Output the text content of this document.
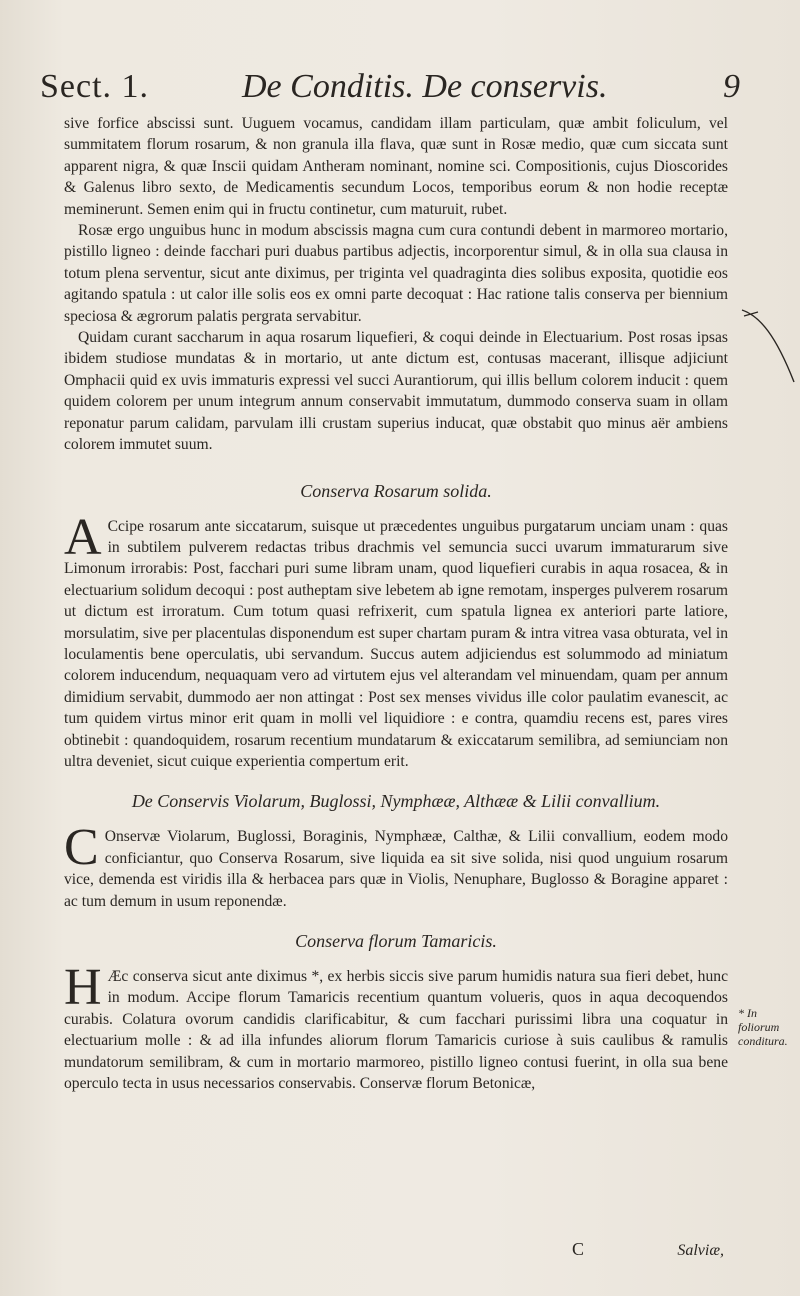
Sect. 1.	De Conditis. De conservis.	9

sive forfice abscissi sunt. Uuguem vocamus, candidam illam particulam, quæ ambit foliculum, vel summitatem florum rosarum, & non granula illa flava, quæ sunt in Rosæ medio, quæ cum siccata sunt apparent nigra, & quæ Inscii quidam Antheram nominant, nomine sci. Compositionis, cujus Dioscorides & Galenus libro sexto, de Medicamentis secundum Locos, temporibus eorum & non hodie receptæ meminerunt. Semen enim qui in fructu continetur, cum maturuit, rubet.

Rosæ ergo unguibus hunc in modum abscissis magna cum cura contundi debent in marmoreo mortario, pistillo ligneo : deinde facchari puri duabus partibus adjectis, incorporentur simul, & in olla sua clausa in totum plena serventur, sicut ante diximus, per triginta vel quadraginta dies solibus exposita, quotidie eos agitando spatula : ut calor ille solis eos ex omni parte decoquat : Hac ratione talis conserva per biennium speciosa & ægrorum palatis pergrata servabitur.

Quidam curant saccharum in aqua rosarum liquefieri, & coqui deinde in Electuarium. Post rosas ipsas ibidem studiose mundatas & in mortario, ut ante dictum est, contusas macerant, illisque adjiciunt Omphacii quid ex uvis immaturis expressi vel succi Aurantiorum, qui illis bellum colorem inducit : quem quidem colorem per unum integrum annum conservabit immutatum, dummodo conserva suam in ollam reponatur parum calidam, parvulam illi crustam superius inducat, quæ obstabit quo minus aër ambiens colorem immutet suum.

Conserva Rosarum solida.

A Ccipe rosarum ante siccatarum, suisque ut præcedentes unguibus purgatarum unciam unam : quas in subtilem pulverem redactas tribus drachmis vel semuncia succi uvarum immaturarum sive Limonum irrorabis: Post, facchari puri sume libram unam, quod liquefieri curabis in aqua rosacea, & in electuarium solidum decoqui : post autheptam sive lebetem ab igne remotam, insperges pulverem rosarum ut dictum est irroratum. Cum totum quasi refrixerit, cum spatula lignea ex anteriori parte latiore, morsulatim, sive per placentulas disponendum est super chartam puram & intra vitrea vasa obturata, vel in loculamentis bene operculatis, ubi servandum. Succus autem adjiciendus est solummodo ad miniatum colorem inducendum, nequaquam vero ad virtutem ejus vel alterandam vel minuendam, quam per annum dimidium servabit, dummodo aer non attingat : Post sex menses vividus ille color paulatim evanescit, ac tum quidem virtus minor erit quam in molli vel liquidiore : e contra, quamdiu recens est, pares vires obtinebit : quandoquidem, rosarum recentium mundatarum & exiccatarum semilibra, ad semiunciam non ultra deveniet, sicut cuique experientia compertum erit.

De Conservis Violarum, Buglossi, Nymphææ, Althææ & Lilii convallium.

C Onservæ Violarum, Buglossi, Boraginis, Nymphææ, Calthæ, & Lilii convallium, eodem modo conficiantur, quo Conserva Rosarum, sive liquida ea sit sive solida, nisi quod unguium rosarum vice, demenda est viridis illa & herbacea pars quæ in Violis, Nenuphare, Buglosso & Boragine apparet : ac tum demum in usum reponendæ.

Conserva florum Tamaricis.

H Æc conserva sicut ante diximus *, ex herbis siccis sive parum humidis natura sua fieri debet, hunc in modum. Accipe florum Tamaricis recentium quantum volueris, quos in aqua decoquendos curabis. Colatura ovorum candidis clarificabitur, & cum facchari purissimi libra una coquatur in electuarium molle : & ad illa infundes aliorum florum Tamaricis curiose à suis caulibus & ramulis mundatorum semilibram, & cum in mortario marmoreo, pistillo ligneo contusi fuerint, in olla sua bene operculo tecta in usus necessarios conservabis. Conservæ florum Betonicæ,

* In foliorum conditura.
C	Salviæ,
